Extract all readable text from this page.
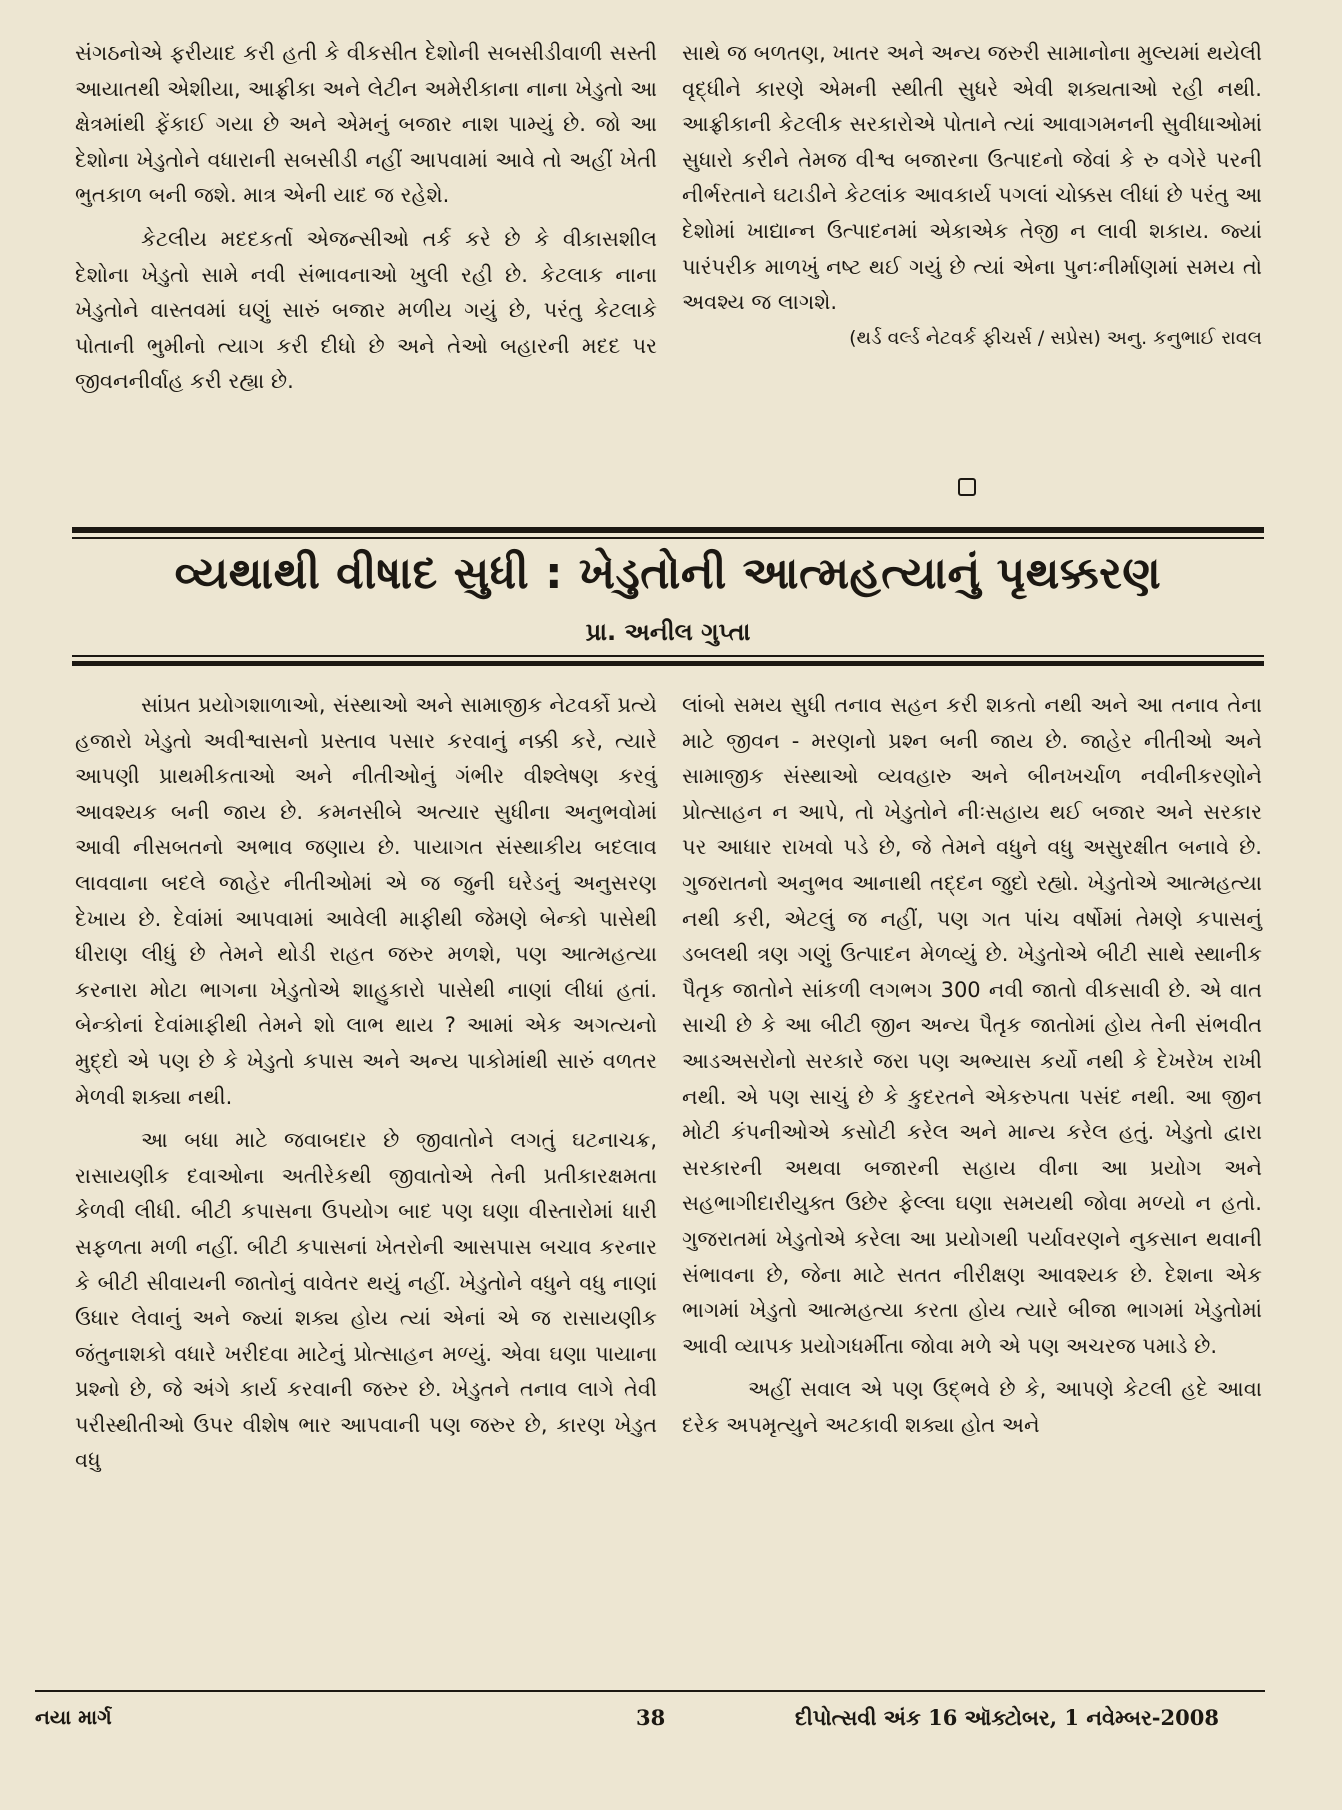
સંગઠનોએ ફરીયાદ કરી હતી કે વીકસીત દેશોની સબસીડીવાળી સસ્તી આયાતથી એશીયા, આફ્રીકા અને લેટીન અમેરીકાના નાના ખેડુતો આ ક્ષેત્રમાંથી ફેંકાઈ ગયા છે અને એમનું બજાર નાશ પામ્યું છે. જો આ દેશોના ખેડુતોને વધારાની સબસીડી નહીં આપવામાં આવે તો અહીં ખેતી ભુતકાળ બની જશે. માત્ર એની યાદ જ રહેશે.

કેટલીય મદદકર્તા એજન્સીઓ તર્ક કરે છે કે વીકાસશીલ દેશોના ખેડુતો સામે નવી સંભાવનાઓ ખુલી રહી છે. કેટલાક નાના ખેડુતોને વાસ્તવમાં ઘણું સારું બજાર મળીય ગયું છે, પરંતુ કેટલાકે પોતાની ભુમીનો ત્યાગ કરી દીધો છે અને તેઓ બહારની મદદ પર જીવનનીર્વાહ કરી રહ્યા છે.

સાથે જ બળતણ, ખાતર અને અન્ય જરુરી સામાનોના મુલ્યમાં થયેલી વૃદ્ધીને કારણે એમની સ્થીતી સુધરે એવી શક્યતાઓ રહી નથી. આફ્રીકાની કેટલીક સરકારોએ પોતાને ત્યાં આવાગમનની સુવીધાઓમાં સુધારો કરીને તેમજ વીશ્વ બજારના ઉત્પાદનો જેવાં કે રુ વગેરે પરની નીર્ભરતાને ઘટાડીને કેટલાંક આવકાર્ય પગલાં ચોક્કસ લીધાં છે પરંતુ આ દેશોમાં ખાદ્યાન્ન ઉત્પાદનમાં એકાએક તેજી ન લાવી શકાય. જ્યાં પારંપરીક માળખું નષ્ટ થઈ ગયું છે ત્યાં એના પુનઃનીર્માણમાં સમય તો અવશ્ય જ લાગશે.

(થર્ડ વર્લ્ડ નેટવર્ક ફીચર્સ / સપ્રેસ) અનુ. કનુભાઈ રાવલ

વ્યથાથી વીષાદ સુધી : ખેડુતોની આત્મહત્યાનું પૃથક્કરણ
પ્રા. અનીલ ગુપ્તા

સાંપ્રત પ્રયોગશાળાઓ, સંસ્થાઓ અને સામાજીક નેટવર્કો પ્રત્યે હજારો ખેડુતો અવીશ્વાસનો પ્રસ્તાવ પસાર કરવાનું નક્કી કરે, ત્યારે આપણી પ્રાથમીકતાઓ અને નીતીઓનું ગંભીર વીશ્લેષણ કરવું આવશ્યક બની જાય છે. કમનસીબે અત્યાર સુધીના અનુભવોમાં આવી નીસબતનો અભાવ જણાય છે. પાયાગત સંસ્થાકીય બદલાવ લાવવાના બદલે જાહેર નીતીઓમાં એ જ જુની ઘરેડનું અનુસરણ દેખાય છે. દેવાંમાં આપવામાં આવેલી માફીથી જેમણે બેન્કો પાસેથી ધીરાણ લીધું છે તેમને થોડી રાહત જરુર મળશે, પણ આત્મહત્યા કરનારા મોટા ભાગના ખેડુતોએ શાહુકારો પાસેથી નાણાં લીધાં હતાં. બેન્કોનાં દેવાંમાફીથી તેમને શો લાભ થાય ? આમાં એક અગત્યનો મુદ્દો એ પણ છે કે ખેડુતો કપાસ અને અન્ય પાકોમાંથી સારું વળતર મેળવી શક્યા નથી.

આ બધા માટે જવાબદાર છે જીવાતોને લગતું ઘટનાચક્ર, રાસાયણીક દવાઓના અતીરેકથી જીવાતોએ તેની પ્રતીકારક્ષમતા કેળવી લીધી. બીટી કપાસના ઉપયોગ બાદ પણ ઘણા વીસ્તારોમાં ધારી સફળતા મળી નહીં. બીટી કપાસનાં ખેતરોની આસપાસ બચાવ કરનાર કે બીટી સીવાયની જાતોનું વાવેતર થયું નહીં. ખેડુતોને વધુને વધુ નાણાં ઉધાર લેવાનું અને જ્યાં શક્ય હોય ત્યાં એનાં એ જ રાસાયણીક જંતુનાશકો વધારે ખરીદવા માટેનું પ્રોત્સાહન મળ્યું. એવા ઘણા પાયાના પ્રશ્નો છે, જે અંગે કાર્ય કરવાની જરુર છે. ખેડુતને તનાવ લાગે તેવી પરીસ્થીતીઓ ઉપર વીશેષ ભાર આપવાની પણ જરુર છે, કારણ ખેડુત વધુ

લાંબો સમય સુધી તનાવ સહન કરી શકતો નથી અને આ તનાવ તેના માટે જીવન - મરણનો પ્રશ્ન બની જાય છે. જાહેર નીતીઓ અને સામાજીક સંસ્થાઓ વ્યવહારુ અને બીનખર્ચાળ નવીનીકરણોને પ્રોત્સાહન ન આપે, તો ખેડુતોને નીઃસહાય થઈ બજાર અને સરકાર પર આધાર રાખવો પડે છે, જે તેમને વધુને વધુ અસુરક્ષીત બનાવે છે. ગુજરાતનો અનુભવ આનાથી તદ્દન જુદો રહ્યો. ખેડુતોએ આત્મહત્યા નથી કરી, એટલું જ નહીં, પણ ગત પાંચ વર્ષોમાં તેમણે કપાસનું ડબલથી ત્રણ ગણું ઉત્પાદન મેળવ્યું છે. ખેડુતોએ બીટી સાથે સ્થાનીક પૈતૃક જાતોને સાંકળી લગભગ 300 નવી જાતો વીકસાવી છે. એ વાત સાચી છે કે આ બીટી જીન અન્ય પૈતૃક જાતોમાં હોય તેની સંભવીત આડઅસરોનો સરકારે જરા પણ અભ્યાસ કર્યો નથી કે દેખરેખ રાખી નથી. એ પણ સાચું છે કે કુદરતને એકરુપતા પસંદ નથી. આ જીન મોટી કંપનીઓએ કસોટી કરેલ અને માન્ય કરેલ હતું. ખેડુતો દ્વારા સરકારની અથવા બજારની સહાય વીના આ પ્રયોગ અને સહભાગીદારીયુક્ત ઉછેર ફેલ્લા ઘણા સમયથી જોવા મળ્યો ન હતો. ગુજરાતમાં ખેડુતોએ કરેલા આ પ્રયોગથી પર્યાવરણને નુકસાન થવાની સંભાવના છે, જેના માટે સતત નીરીક્ષણ આવશ્યક છે. દેશના એક ભાગમાં ખેડુતો આત્મહત્યા કરતા હોય ત્યારે બીજા ભાગમાં ખેડુતોમાં આવી વ્યાપક પ્રયોગધર્મીતા જોવા મળે એ પણ અચરજ પમાડે છે.

અહીં સવાલ એ પણ ઉદ્ભવે છે કે, આપણે કેટલી હદે આવા દરેક અપમૃત્યુને અટકાવી શક્યા હોત અને

નયા માર્ગ	38	દીપોત્સવી અંક 16 ઑક્ટોબર, 1 નવેમ્બર-2008
